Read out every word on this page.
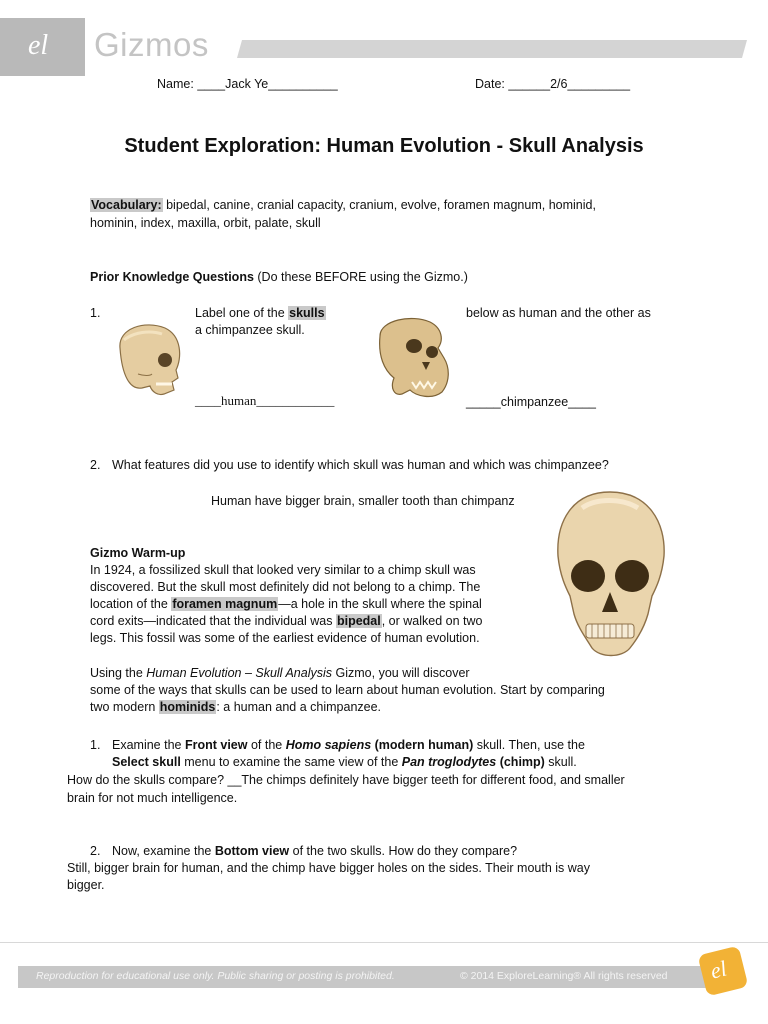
el Gizmos
Name: ____Jack Ye__________	Date: ______2/6_________
Student Exploration: Human Evolution - Skull Analysis
Vocabulary: bipedal, canine, cranial capacity, cranium, evolve, foramen magnum, hominid,
hominin, index, maxilla, orbit, palate, skull
Prior Knowledge Questions (Do these BEFORE using the Gizmo.)
1.	Label one of the skulls	below as human and the other as
a chimpanzee skull.
____human____________	_____chimpanzee____
2. What features did you use to identify which skull was human and which was chimpanzee?
Human have bigger brain, smaller tooth than chimpanz
Gizmo Warm-up
In 1924, a fossilized skull that looked very similar to a chimp skull was
discovered. But the skull most definitely did not belong to a chimp. The
location of the foramen magnum—a hole in the skull where the spinal
cord exits—indicated that the individual was bipedal, or walked on two
legs. This fossil was some of the earliest evidence of human evolution.
Using the Human Evolution – Skull Analysis Gizmo, you will discover
some of the ways that skulls can be used to learn about human evolution. Start by comparing
two modern hominids: a human and a chimpanzee.
1. Examine the Front view of the Homo sapiens (modern human) skull. Then, use the
Select skull menu to examine the same view of the Pan troglodytes (chimp) skull.
How do the skulls compare? __The chimps definitely have bigger teeth for different food, and smaller
brain for not much intelligence.
2. Now, examine the Bottom view of the two skulls. How do they compare?
Still, bigger brain for human, and the chimp have bigger holes on the sides. Their mouth is way
bigger.
Reproduction for educational use only. Public sharing or posting is prohibited.	© 2014 ExploreLearning® All rights reserved el
